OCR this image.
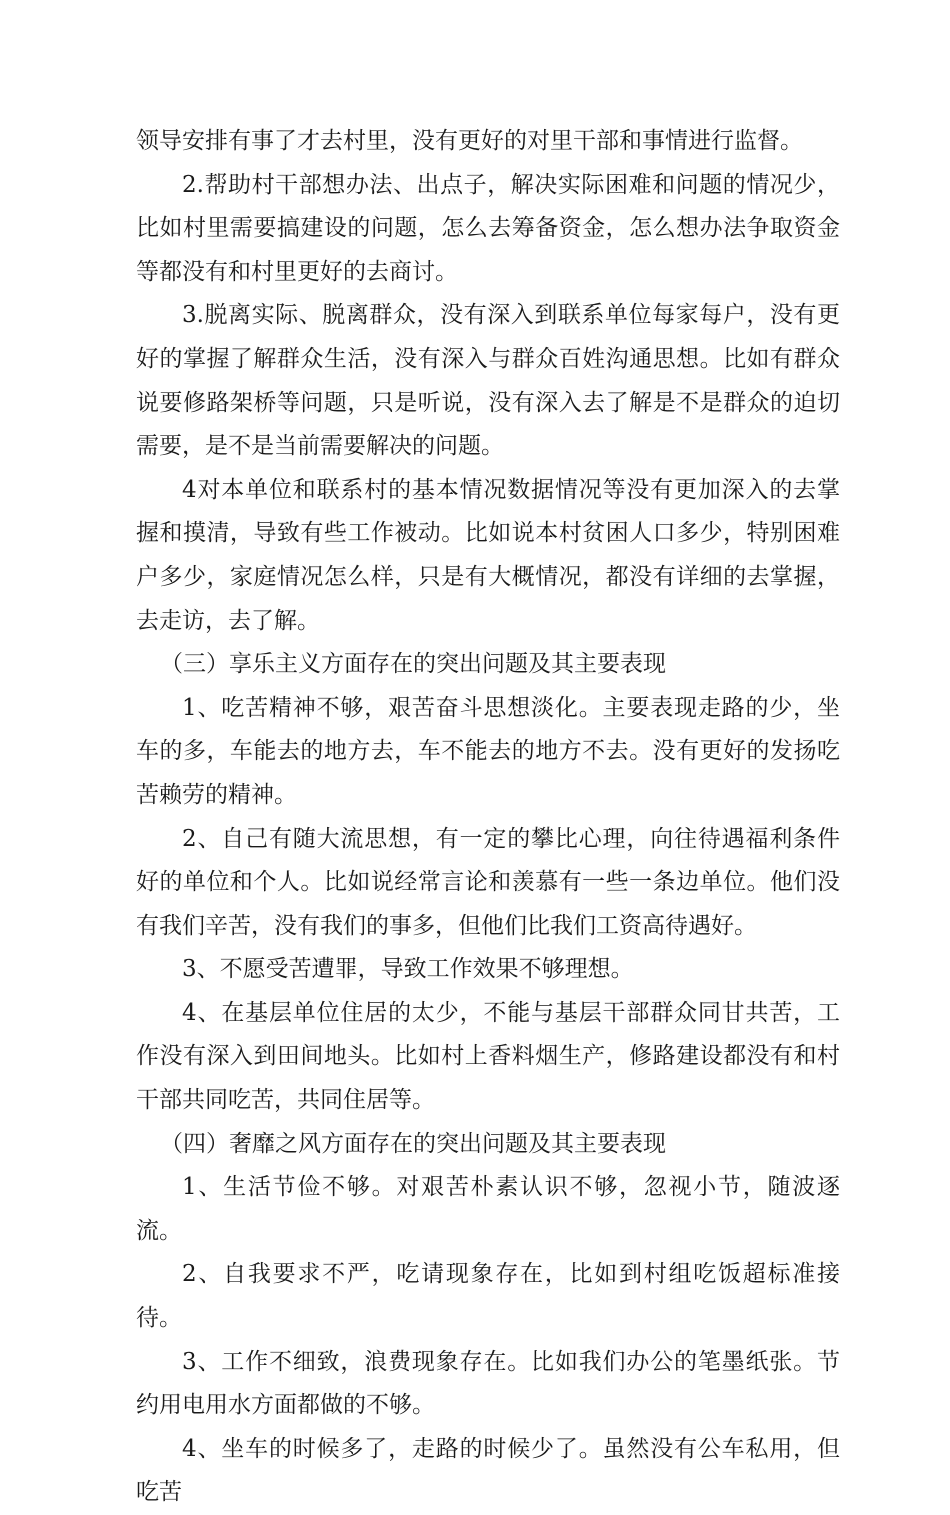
领导安排有事了才去村里，没有更好的对里干部和事情进行监督。

2.帮助村干部想办法、出点子，解决实际困难和问题的情况少，比如村里需要搞建设的问题，怎么去筹备资金，怎么想办法争取资金等都没有和村里更好的去商讨。

3.脱离实际、脱离群众，没有深入到联系单位每家每户，没有更好的掌握了解群众生活，没有深入与群众百姓沟通思想。比如有群众说要修路架桥等问题，只是听说，没有深入去了解是不是群众的迫切需要，是不是当前需要解决的问题。

4对本单位和联系村的基本情况数据情况等没有更加深入的去掌握和摸清，导致有些工作被动。比如说本村贫困人口多少，特别困难户多少，家庭情况怎么样，只是有大概情况，都没有详细的去掌握，去走访，去了解。

（三）享乐主义方面存在的突出问题及其主要表现

1、吃苦精神不够，艰苦奋斗思想淡化。主要表现走路的少，坐车的多，车能去的地方去，车不能去的地方不去。没有更好的发扬吃苦赖劳的精神。

2、自己有随大流思想，有一定的攀比心理，向往待遇福利条件好的单位和个人。比如说经常言论和羡慕有一些一条边单位。他们没有我们辛苦，没有我们的事多，但他们比我们工资高待遇好。

3、不愿受苦遭罪，导致工作效果不够理想。

4、在基层单位住居的太少，不能与基层干部群众同甘共苦，工作没有深入到田间地头。比如村上香料烟生产，修路建设都没有和村干部共同吃苦，共同住居等。

（四）奢靡之风方面存在的突出问题及其主要表现

1、生活节俭不够。对艰苦朴素认识不够，忽视小节，随波逐流。

2、自我要求不严，吃请现象存在，比如到村组吃饭超标准接待。

3、工作不细致，浪费现象存在。比如我们办公的笔墨纸张。节约用电用水方面都做的不够。

4、坐车的时候多了，走路的时候少了。虽然没有公车私用，但吃苦
